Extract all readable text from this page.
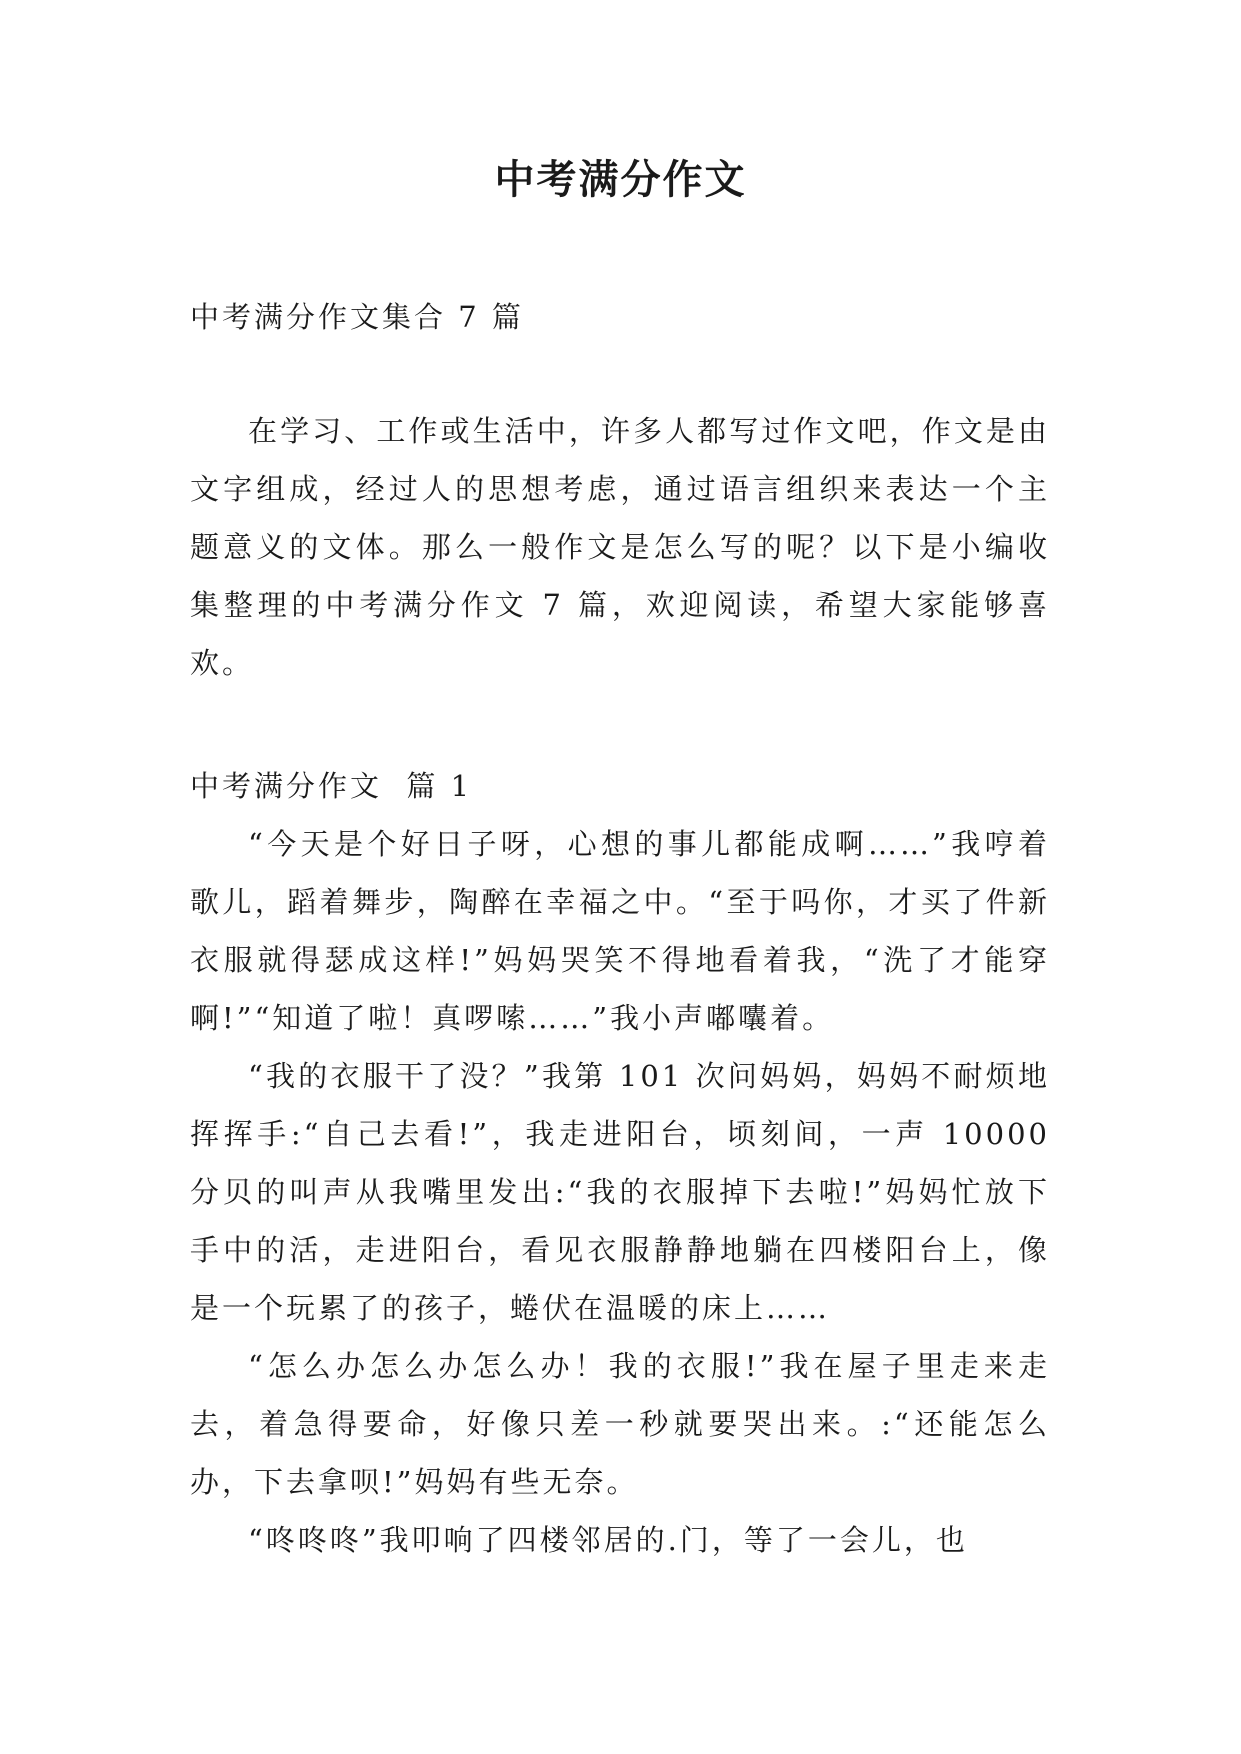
中考满分作文

中考满分作文集合 7 篇

在学习、工作或生活中，许多人都写过作文吧，作文是由文字组成，经过人的思想考虑，通过语言组织来表达一个主题意义的文体。那么一般作文是怎么写的呢？以下是小编收集整理的中考满分作文 7 篇，欢迎阅读，希望大家能够喜欢。

中考满分作文  篇 1

“今天是个好日子呀，心想的事儿都能成啊……”我哼着歌儿，蹈着舞步，陶醉在幸福之中。“至于吗你，才买了件新衣服就得瑟成这样!”妈妈哭笑不得地看着我，“洗了才能穿啊!”“知道了啦！真啰嗦……”我小声嘟囔着。

“我的衣服干了没？”我第 101 次问妈妈，妈妈不耐烦地挥挥手:“自己去看!”，我走进阳台，顷刻间，一声 10000 分贝的叫声从我嘴里发出:“我的衣服掉下去啦!”妈妈忙放下手中的活，走进阳台，看见衣服静静地躺在四楼阳台上，像是一个玩累了的孩子，蜷伏在温暖的床上……

“怎么办怎么办怎么办！我的衣服!”我在屋子里走来走去，着急得要命，好像只差一秒就要哭出来。:“还能怎么办，下去拿呗!”妈妈有些无奈。

“咚咚咚”我叩响了四楼邻居的.门，等了一会儿，也
